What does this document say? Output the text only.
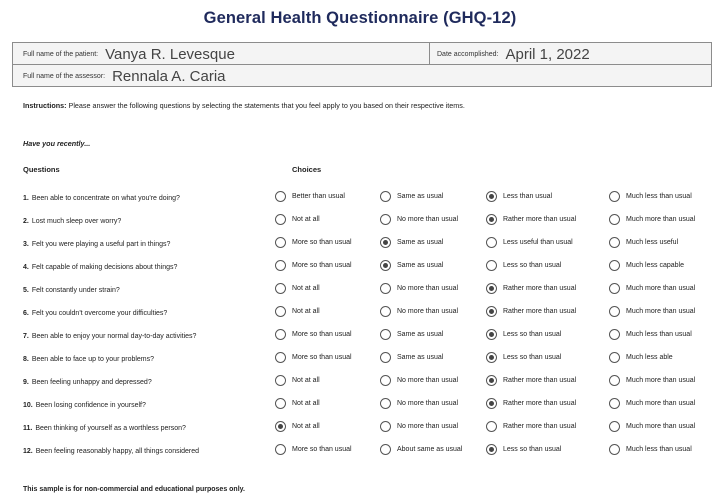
General Health Questionnaire (GHQ-12)
Full name of the patient: Vanya R. Levesque	Date accomplished: April 1, 2022
Full name of the assessor: Rennala A. Caria
Instructions: Please answer the following questions by selecting the statements that you feel apply to you based on their respective items.
Have you recently...
Questions	Choices
1. Been able to concentrate on what you're doing?	Better than usual	Same as usual	Less than usual	Much less than usual
2. Lost much sleep over worry?	Not at all	No more than usual	Rather more than usual	Much more than usual
3. Felt you were playing a useful part in things?	More so than usual	Same as usual	Less useful than usual	Much less useful
4. Felt capable of making decisions about things?	More so than usual	Same as usual	Less so than usual	Much less capable
5. Felt constantly under strain?	Not at all	No more than usual	Rather more than usual	Much more than usual
6. Felt you couldn't overcome your difficulties?	Not at all	No more than usual	Rather more than usual	Much more than usual
7. Been able to enjoy your normal day-to-day activities?	More so than usual	Same as usual	Less so than usual	Much less than usual
8. Been able to face up to your problems?	More so than usual	Same as usual	Less so than usual	Much less able
9. Been feeling unhappy and depressed?	Not at all	No more than usual	Rather more than usual	Much more than usual
10. Been losing confidence in yourself?	Not at all	No more than usual	Rather more than usual	Much more than usual
11. Been thinking of yourself as a worthless person?	Not at all	No more than usual	Rather more than usual	Much more than usual
12. Been feeling reasonably happy, all things considered	More so than usual	About same as usual	Less so than usual	Much less than usual
This sample is for non-commercial and educational purposes only.
